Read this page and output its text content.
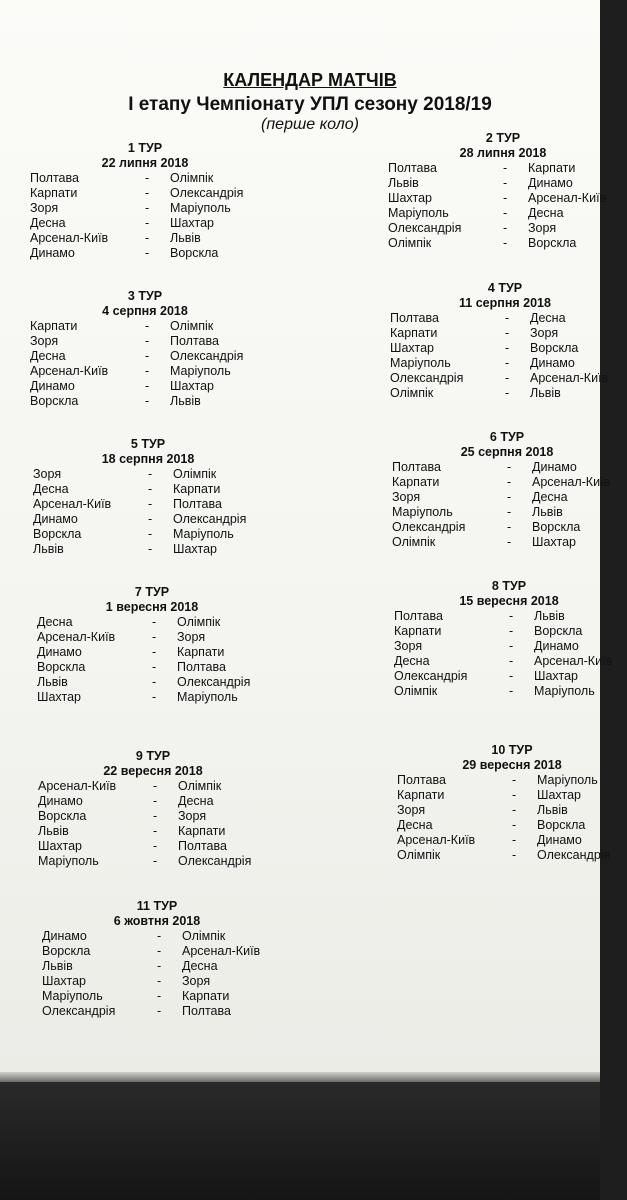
КАЛЕНДАР МАТЧІВ
І етапу Чемпіонату УПЛ сезону 2018/19
(перше коло)
1 ТУР
22 липня 2018
Полтава	- Олімпік
Карпати	- Олександрія
Зоря	- Маріуполь
Десна	- Шахтар
Арсенал-Київ	- Львів
Динамо	- Ворскла
2 ТУР
28 липня 2018
Полтава	- Карпати
Львів	- Динамо
Шахтар	- Арсенал-Київ
Маріуполь	- Десна
Олександрія	- Зоря
Олімпік	- Ворскла
3 ТУР
4 серпня 2018
Карпати	- Олімпік
Зоря	- Полтава
Десна	- Олександрія
Арсенал-Київ	- Маріуполь
Динамо	- Шахтар
Ворскла	- Львів
4 ТУР
11 серпня 2018
Полтава	- Десна
Карпати	- Зоря
Шахтар	- Ворскла
Маріуполь	- Динамо
Олександрія	- Арсенал-Київ
Олімпік	- Львів
5 ТУР
18 серпня 2018
Зоря	- Олімпік
Десна	- Карпати
Арсенал-Київ	- Полтава
Динамо	- Олександрія
Ворскла	- Маріуполь
Львів	- Шахтар
6 ТУР
25 серпня 2018
Полтава	- Динамо
Карпати	- Арсенал-Київ
Зоря	- Десна
Маріуполь	- Львів
Олександрія	- Ворскла
Олімпік	- Шахтар
7 ТУР
1 вересня 2018
Десна	- Олімпік
Арсенал-Київ	- Зоря
Динамо	- Карпати
Ворскла	- Полтава
Львів	- Олександрія
Шахтар	- Маріуполь
8 ТУР
15 вересня 2018
Полтава	- Львів
Карпати	- Ворскла
Зоря	- Динамо
Десна	- Арсенал-Київ
Олександрія	- Шахтар
Олімпік	- Маріуполь
9 ТУР
22 вересня 2018
Арсенал-Київ	- Олімпік
Динамо	- Десна
Ворскла	- Зоря
Львів	- Карпати
Шахтар	- Полтава
Маріуполь	- Олександрія
10 ТУР
29 вересня 2018
Полтава	- Маріуполь
Карпати	- Шахтар
Зоря	- Львів
Десна	- Ворскла
Арсенал-Київ	- Динамо
Олімпік	- Олександрія
11 ТУР
6 жовтня 2018
Динамо	- Олімпік
Ворскла	- Арсенал-Київ
Львів	- Десна
Шахтар	- Зоря
Маріуполь	- Карпати
Олександрія	- Полтава
